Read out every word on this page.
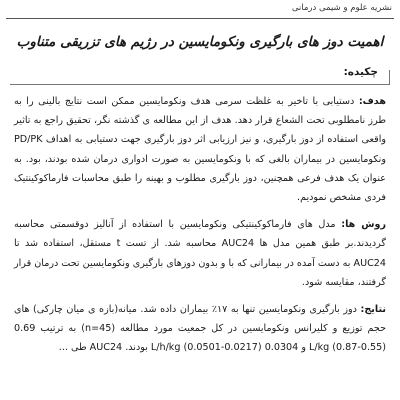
نشریه علوم و شیمی درمانی
اهمیت دوز های بارگیری ونکومایسین در رژیم های تزریقی متناوب
چکیده:

هدف: دستیابی با تاخیر به غلظت سرمی هدف ونکومایسین ممکن است نتایج بالینی را به طرز نامطلوبی تحت الشعاع قرار دهد. هدف از این مطالعه ی گذشته نگر، تحقیق راجع به تاثیر واقعی استفاده از دوز بارگیری، و نیز ارزیابی اثر دوز بارگیری جهت دستیابی به اهداف PD/PK ونکومایسین در بیماران بالغی که با ونکومایسین به صورت ادواری درمان شده بودند، بود. به عنوان یک هدف فرعی همچنین، دوز بارگیری مطلوب و بهینه را طبق محاسبات فارماکوکینتیک فردی مشخص نمودیم.

روش ها: مدل های فارماکوکینتیکی ونکومایسین با استفاده از آنالیز دوقسمتی محاسبه گردیدند.بر طبق همین مدل ها AUC24 محاسبه شد. از تست t مستقل، استفاده شد تا AUC24 به دست آمده در بیمارانی که با و بدون دوزهای بارگیری ونکومایسین تحت درمان قرار گرفتند، مقایسه شود.

نتایج: دوز بارگیری ونکومایسین تنها به ۱۷٪ بیماران داده شد. میانه(بازه ی میان چارکی) های حجم توزیع و کلیرانس ونکومایسین در کل جمعیت مورد مطالعه (n=45) به ترتیب 0.69 (0.55-0.87) L/kg و 0.0304 (0.0217-0.0501) L/h/kg بودند. AUC24 طی ...
